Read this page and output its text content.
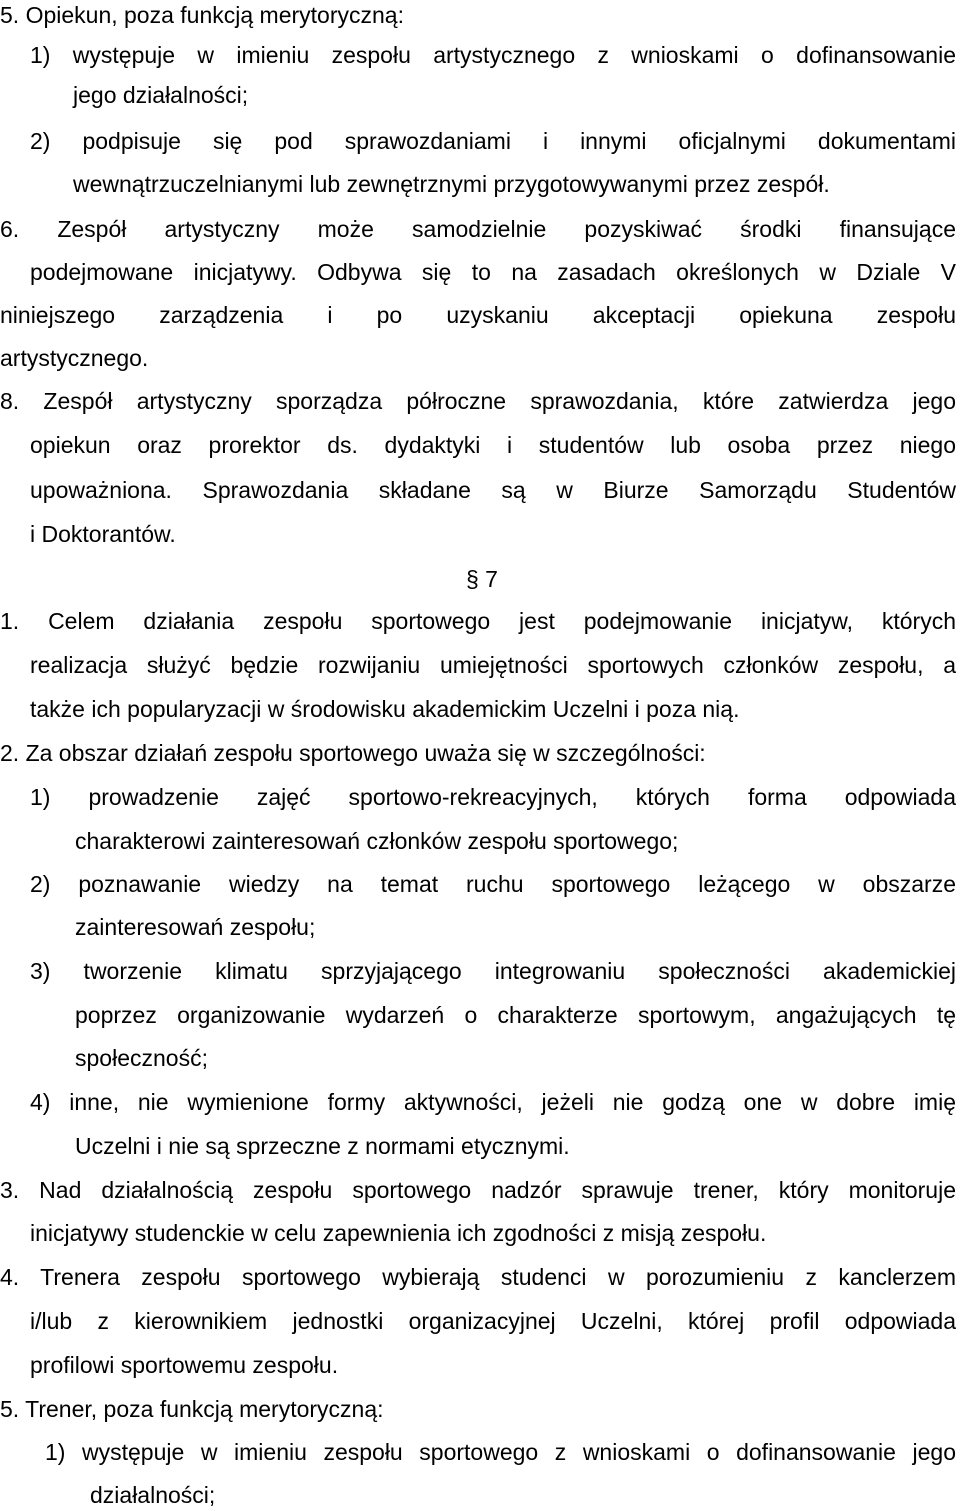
5. Opiekun, poza funkcją merytoryczną:
1) występuje w imieniu zespołu artystycznego z wnioskami o dofinansowanie
jego działalności;
2) podpisuje się pod sprawozdaniami i innymi oficjalnymi dokumentami
wewnątrzuczelnianymi lub zewnętrznymi przygotowywanymi przez zespół.
6. Zespół artystyczny może samodzielnie pozyskiwać środki finansujące
podejmowane inicjatywy. Odbywa się to na zasadach określonych w Dziale V
niniejszego zarządzenia i po uzyskaniu akceptacji opiekuna zespołu
artystycznego.
8. Zespół artystyczny sporządza półroczne sprawozdania, które zatwierdza jego
opiekun oraz prorektor ds. dydaktyki i studentów lub osoba przez niego
upoważniona. Sprawozdania składane są w Biurze Samorządu Studentów
i Doktorantów.
§ 7
1. Celem działania zespołu sportowego jest podejmowanie inicjatyw, których
realizacja służyć będzie rozwijaniu umiejętności sportowych członków zespołu, a
także ich popularyzacji w środowisku akademickim Uczelni i poza nią.
2. Za obszar działań zespołu sportowego uważa się w szczególności:
1) prowadzenie zajęć sportowo-rekreacyjnych, których forma odpowiada
charakterowi zainteresowań członków zespołu sportowego;
2) poznawanie wiedzy na temat ruchu sportowego leżącego w obszarze
zainteresowań zespołu;
3) tworzenie klimatu sprzyjającego integrowaniu społeczności akademickiej
poprzez organizowanie wydarzeń o charakterze sportowym, angażujących tę
społeczność;
4) inne, nie wymienione formy aktywności, jeżeli nie godzą one w dobre imię
Uczelni i nie są sprzeczne z normami etycznymi.
3. Nad działalnością zespołu sportowego nadzór sprawuje trener, który monitoruje
inicjatywy studenckie w celu zapewnienia ich zgodności z misją zespołu.
4. Trenera zespołu sportowego wybierają studenci w porozumieniu z kanclerzem
i/lub z kierownikiem jednostki organizacyjnej Uczelni, której profil odpowiada
profilowi sportowemu zespołu.
5. Trener, poza funkcją merytoryczną:
1) występuje w imieniu zespołu sportowego z wnioskami o dofinansowanie jego
działalności;
